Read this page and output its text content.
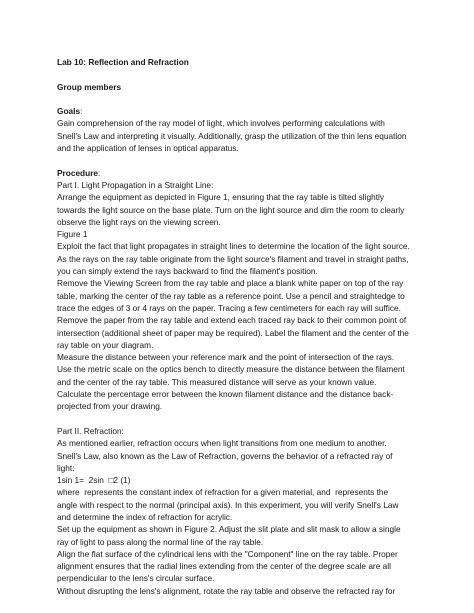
Lab 10: Reflection and Refraction
Group members
Goals:
Gain comprehension of the ray model of light, which involves performing calculations with
Snell's Law and interpreting it visually. Additionally, grasp the utilization of the thin lens equation
and the application of lenses in optical apparatus.
Procedure:
Part I. Light Propagation in a Straight Line:
Arrange the equipment as depicted in Figure 1, ensuring that the ray table is tilted slightly
towards the light source on the base plate. Turn on the light source and dim the room to clearly
observe the light rays on the viewing screen.
Figure 1
Exploit the fact that light propagates in straight lines to determine the location of the light source.
As the rays on the ray table originate from the light source's filament and travel in straight paths,
you can simply extend the rays backward to find the filament's position.
Remove the Viewing Screen from the ray table and place a blank white paper on top of the ray
table, marking the center of the ray table as a reference point. Use a pencil and straightedge to
trace the edges of 3 or 4 rays on the paper. Tracing a few centimeters for each ray will suffice.
Remove the paper from the ray table and extend each traced ray back to their common point of
intersection (additional sheet of paper may be required). Label the filament and the center of the
ray table on your diagram.
Measure the distance between your reference mark and the point of intersection of the rays.
Use the metric scale on the optics bench to directly measure the distance between the filament
and the center of the ray table. This measured distance will serve as your known value.
Calculate the percentage error between the known filament distance and the distance back-
projected from your drawing.
Part II. Refraction:
As mentioned earlier, refraction occurs when light transitions from one medium to another.
Snell's Law, also known as the Law of Refraction, governs the behavior of a refracted ray of
light:
1sin 1=  2sin  □2 (1)
where  represents the constant index of refraction for a given material, and  represents the
angle with respect to the normal (principal axis). In this experiment, you will verify Snell's Law
and determine the index of refraction for acrylic.
Set up the equipment as shown in Figure 2. Adjust the slit plate and slit mask to allow a single
ray of light to pass along the normal line of the ray table.
Align the flat surface of the cylindrical lens with the "Component" line on the ray table. Proper
alignment ensures that the radial lines extending from the center of the degree scale are all
perpendicular to the lens's circular surface.
Without disrupting the lens's alignment, rotate the ray table and observe the refracted ray for
